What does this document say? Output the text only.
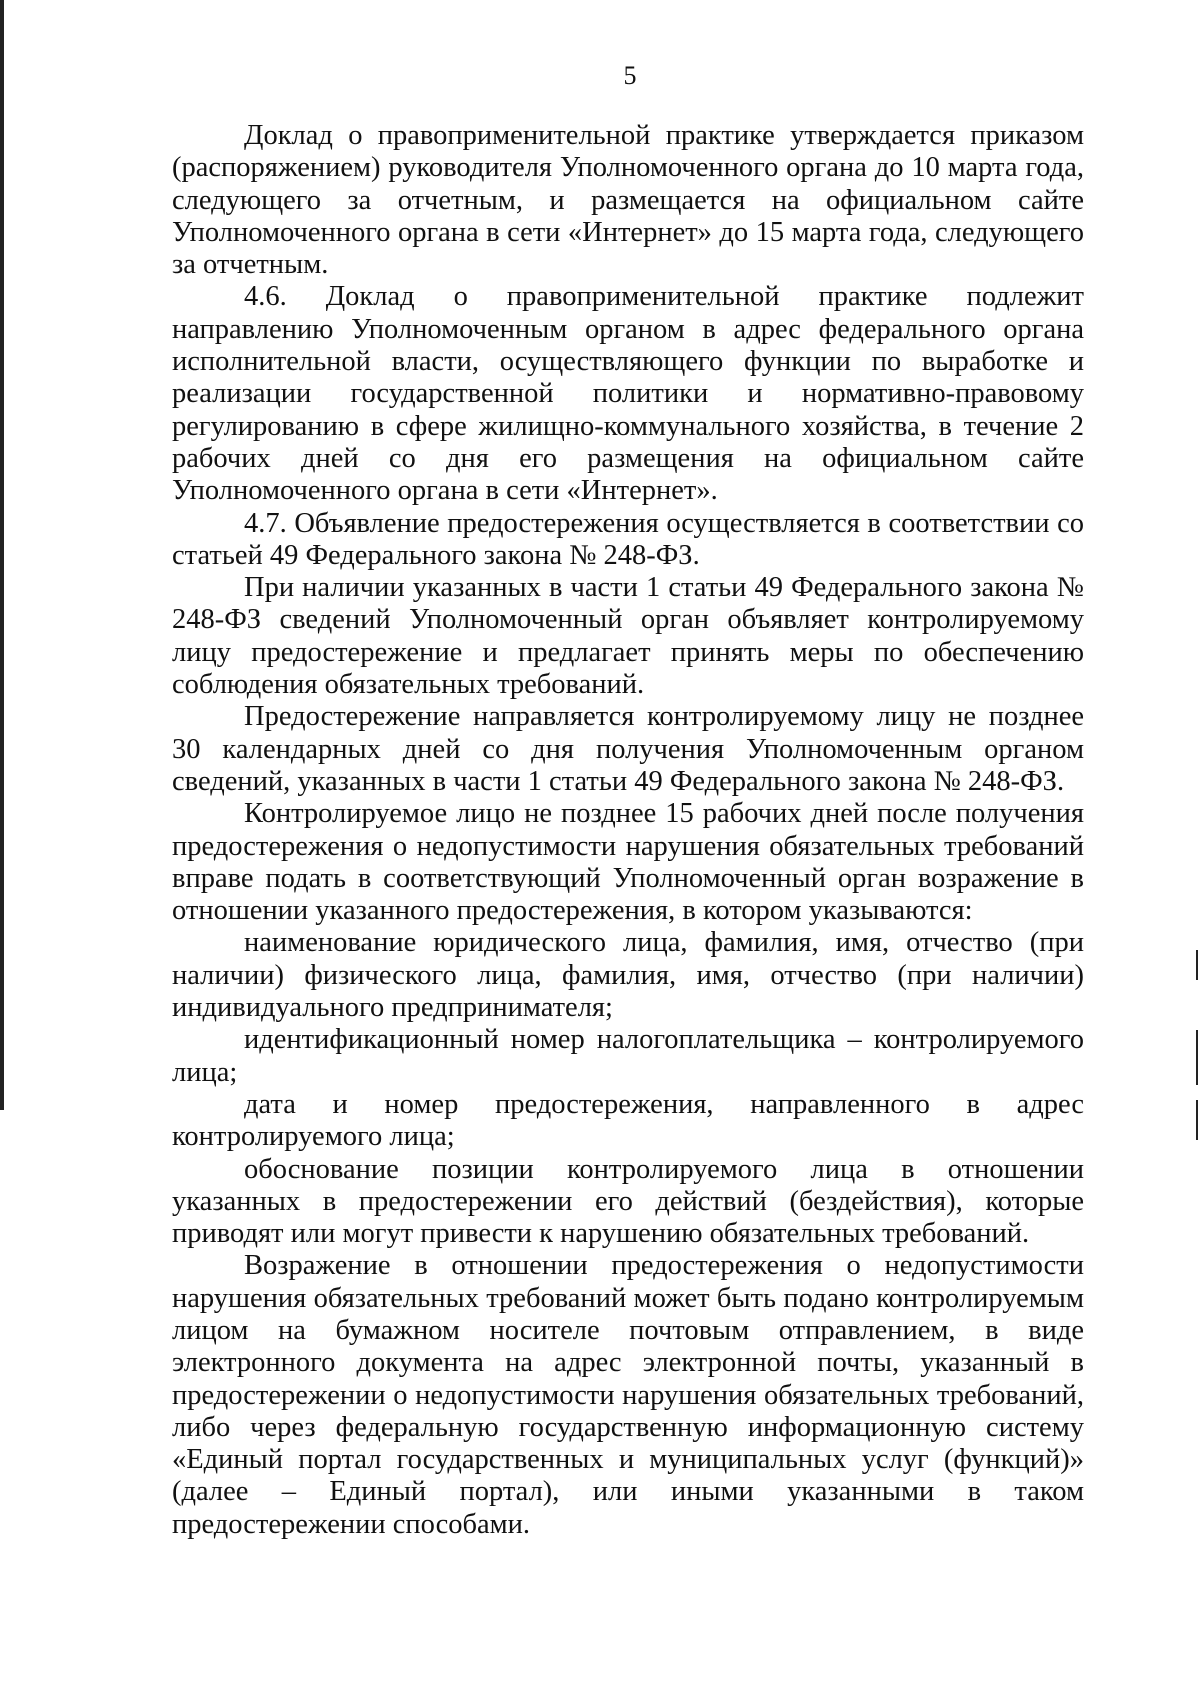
5

Доклад о правоприменительной практике утверждается приказом (распоряжением) руководителя Уполномоченного органа до 10 марта года, следующего за отчетным, и размещается на официальном сайте Уполномоченного органа в сети «Интернет» до 15 марта года, следующего за отчетным.

4.6. Доклад о правоприменительной практике подлежит направлению Уполномоченным органом в адрес федерального органа исполнительной власти, осуществляющего функции по выработке и реализации государственной политики и нормативно-правовому регулированию в сфере жилищно-коммунального хозяйства, в течение 2 рабочих дней со дня его размещения на официальном сайте Уполномоченного органа в сети «Интернет».

4.7. Объявление предостережения осуществляется в соответствии со статьей 49 Федерального закона № 248-ФЗ.

При наличии указанных в части 1 статьи 49 Федерального закона № 248-ФЗ сведений Уполномоченный орган объявляет контролируемому лицу предостережение и предлагает принять меры по обеспечению соблюдения обязательных требований.

Предостережение направляется контролируемому лицу не позднее 30 календарных дней со дня получения Уполномоченным органом сведений, указанных в части 1 статьи 49 Федерального закона № 248-ФЗ.

Контролируемое лицо не позднее 15 рабочих дней после получения предостережения о недопустимости нарушения обязательных требований вправе подать в соответствующий Уполномоченный орган возражение в отношении указанного предостережения, в котором указываются:

наименование юридического лица, фамилия, имя, отчество (при наличии) физического лица, фамилия, имя, отчество (при наличии) индивидуального предпринимателя;

идентификационный номер налогоплательщика – контролируемого лица;

дата и номер предостережения, направленного в адрес контролируемого лица;

обоснование позиции контролируемого лица в отношении указанных в предостережении его действий (бездействия), которые приводят или могут привести к нарушению обязательных требований.

Возражение в отношении предостережения о недопустимости нарушения обязательных требований может быть подано контролируемым лицом на бумажном носителе почтовым отправлением, в виде электронного документа на адрес электронной почты, указанный в предостережении о недопустимости нарушения обязательных требований, либо через федеральную государственную информационную систему «Единый портал государственных и муниципальных услуг (функций)» (далее – Единый портал), или иными указанными в таком предостережении способами.
